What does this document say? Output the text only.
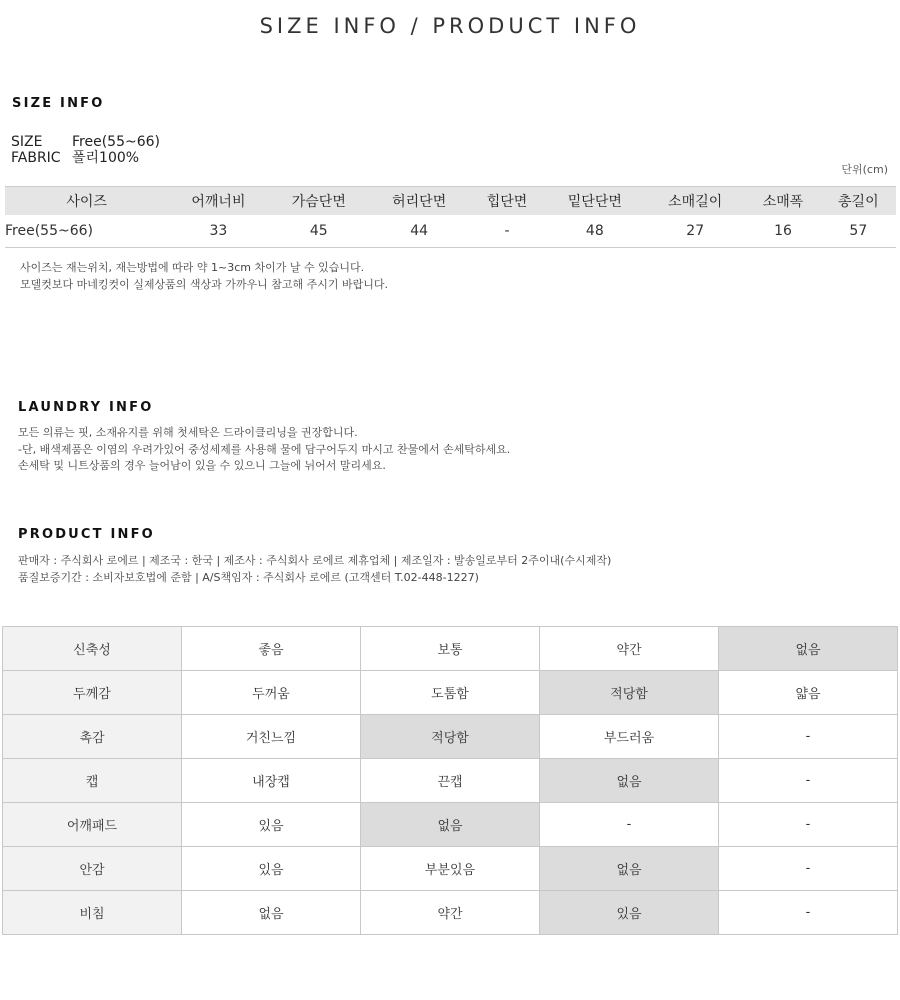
SIZE INFO / PRODUCT INFO
SIZE INFO
SIZE Free(55~66)
FABRIC 폴리100%
단위(cm)
사이즈	어깨너비	가슴단면	허리단면	힙단면	밑단단면	소매길이	소매폭	총길이
Free(55~66)	33	45	44	-	48	27	16	57

사이즈는 재는위치, 재는방법에 따라 약 1~3cm 차이가 날 수 있습니다.

모델컷보다 마네킹컷이 실제상품의 색상과 가까우니 참고해 주시기 바랍니다.

LAUNDRY INFO

모든 의류는 핏, 소재유지를 위해 첫세탁은 드라이클리닝을 권장합니다.

-단, 배색제품은 이염의 우려가있어 중성세제를 사용해 물에 담구어두지 마시고 찬물에서 손세탁하세요.

손세탁 및 니트상품의 경우 늘어남이 있을 수 있으니 그늘에 뉘어서 말리세요.

PRODUCT INFO

판매자 : 주식회사 로에르 | 제조국 : 한국 | 제조사 : 주식회사 로에르 제휴업체 | 제조일자 : 발송일로부터 2주이내(수시제작)

품질보증기간 : 소비자보호법에 준함 | A/S책임자 : 주식회사 로에르 (고객센터 T.02-448-1227)

신축성	좋음	보통	약간	없음
두께감	두꺼움	도톰함	적당함	얇음
촉감	거친느낌	적당함	부드러움	-
캡	내장캡	끈캡	없음	-
어깨패드	있음	없음	-	-
안감	있음	부분있음	없음	-
비침	없음	약간	있음	-
